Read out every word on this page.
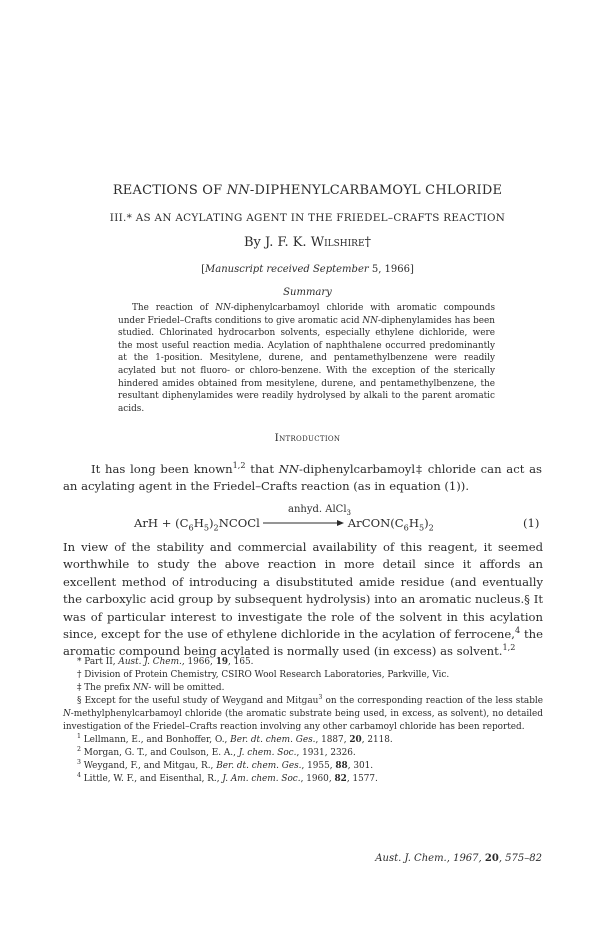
REACTIONS OF NN-DIPHENYLCARBAMOYL CHLORIDE
III.* AS AN ACYLATING AGENT IN THE FRIEDEL–CRAFTS REACTION
By J. F. K. Wilshire†
[Manuscript received September 5, 1966]
Summary

The reaction of NN-diphenylcarbamoyl chloride with aromatic compounds under Friedel–Crafts conditions to give aromatic acid NN-diphenylamides has been studied. Chlorinated hydrocarbon solvents, especially ethylene dichloride, were the most useful reaction media. Acylation of naphthalene occurred predominantly at the 1-position. Mesitylene, durene, and pentamethylbenzene were readily acylated but not fluoro- or chloro-benzene. With the exception of the sterically hindered amides obtained from mesitylene, durene, and pentamethylbenzene, the resultant diphenylamides were readily hydrolysed by alkali to the parent aromatic acids.

Introduction

It has long been known$^{1,2}$ that NN-diphenylcarbamoyl‡ chloride can act as an acylating agent in the Friedel–Crafts reaction (as in equation (1)).

anhyd. AlCl$_3$
ArH + $(C_6H_5)_2NCOCl$	$ArCON(C_6H_5)_2$	(1)

In view of the stability and commercial availability of this reagent, it seemed worthwhile to study the above reaction in more detail since it affords an excellent method of introducing a disubstituted amide residue (and eventually the carboxylic acid group by subsequent hydrolysis) into an aromatic nucleus.§ It was of particular interest to investigate the role of the solvent in this acylation since, except for the use of ethylene dichloride in the acylation of ferrocene,$^4$ the aromatic compound being acylated is normally used (in excess) as solvent.$^{1,2}$

* Part II, Aust. J. Chem., 1966, 19, 165.

† Division of Protein Chemistry, CSIRO Wool Research Laboratories, Parkville, Vic.

‡ The prefix NN- will be omitted.

§ Except for the useful study of Weygand and Mitgau$^3$ on the corresponding reaction of the less stable N-methylphenylcarbamoyl chloride (the aromatic substrate being used, in excess, as solvent), no detailed investigation of the Friedel–Crafts reaction involving any other carbamoyl chloride has been reported.

$^1$ Lellmann, E., and Bonhoffer, O., Ber. dt. chem. Ges., 1887, 20, 2118.

$^2$ Morgan, G. T., and Coulson, E. A., J. chem. Soc., 1931, 2326.

$^3$ Weygand, F., and Mitgau, R., Ber. dt. chem. Ges., 1955, 88, 301.

$^4$ Little, W. F., and Eisenthal, R., J. Am. chem. Soc., 1960, 82, 1577.

Aust. J. Chem., 1967, 20, 575–82
